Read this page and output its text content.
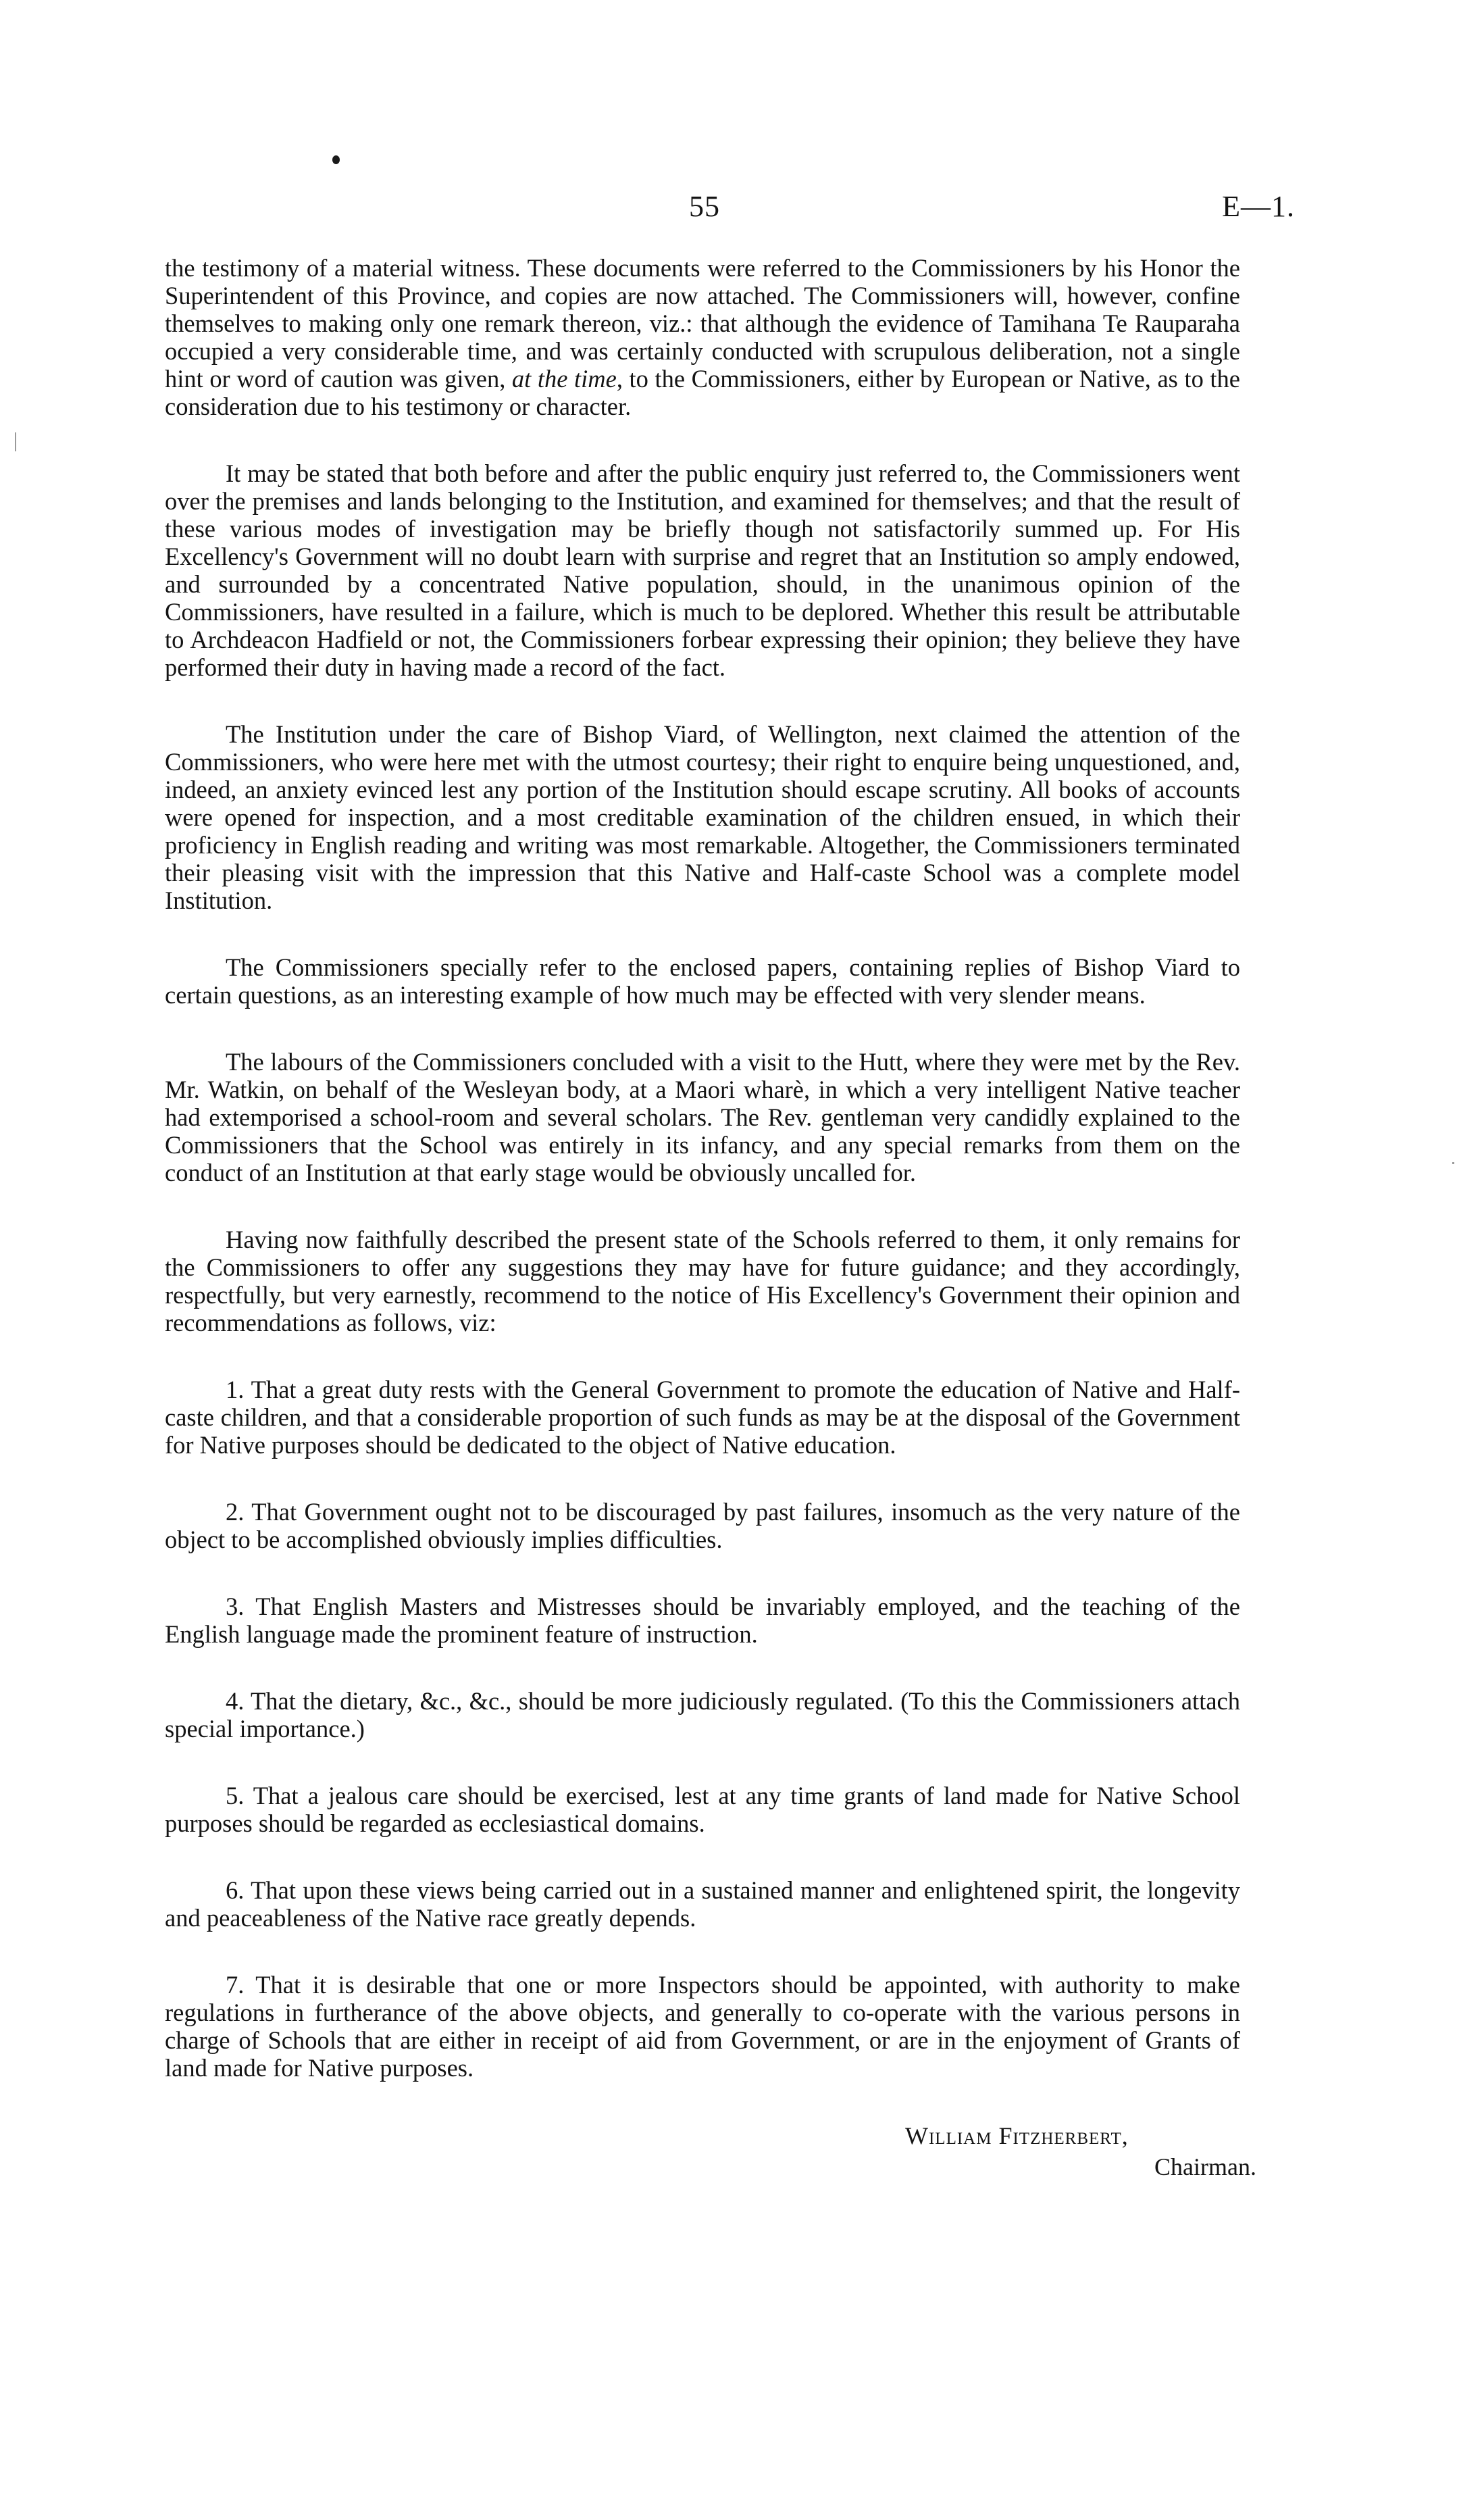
55	E—1.

the testimony of a material witness. These documents were referred to the Commissioners by his Honor the Superintendent of this Province, and copies are now attached. The Commissioners will, however, confine themselves to making only one remark thereon, viz.: that although the evidence of Tamihana Te Rauparaha occupied a very considerable time, and was certainly conducted with scrupulous deliberation, not a single hint or word of caution was given, at the time, to the Commissioners, either by European or Native, as to the consideration due to his testimony or character.

It may be stated that both before and after the public enquiry just referred to, the Commissioners went over the premises and lands belonging to the Institution, and examined for themselves; and that the result of these various modes of investigation may be briefly though not satisfactorily summed up. For His Excellency's Government will no doubt learn with surprise and regret that an Institution so amply endowed, and surrounded by a concentrated Native population, should, in the unanimous opinion of the Commissioners, have resulted in a failure, which is much to be deplored. Whether this result be attributable to Archdeacon Hadfield or not, the Commissioners forbear expressing their opinion; they believe they have performed their duty in having made a record of the fact.

The Institution under the care of Bishop Viard, of Wellington, next claimed the attention of the Commissioners, who were here met with the utmost courtesy; their right to enquire being unquestioned, and, indeed, an anxiety evinced lest any portion of the Institution should escape scrutiny. All books of accounts were opened for inspection, and a most creditable examination of the children ensued, in which their proficiency in English reading and writing was most remarkable. Altogether, the Commissioners terminated their pleasing visit with the impression that this Native and Half-caste School was a complete model Institution.

The Commissioners specially refer to the enclosed papers, containing replies of Bishop Viard to certain questions, as an interesting example of how much may be effected with very slender means.

The labours of the Commissioners concluded with a visit to the Hutt, where they were met by the Rev. Mr. Watkin, on behalf of the Wesleyan body, at a Maori wharè, in which a very intelligent Native teacher had extemporised a school-room and several scholars. The Rev. gentleman very candidly explained to the Commissioners that the School was entirely in its infancy, and any special remarks from them on the conduct of an Institution at that early stage would be obviously uncalled for.

Having now faithfully described the present state of the Schools referred to them, it only remains for the Commissioners to offer any suggestions they may have for future guidance; and they accordingly, respectfully, but very earnestly, recommend to the notice of His Excellency's Government their opinion and recommendations as follows, viz:

1. That a great duty rests with the General Government to promote the education of Native and Half-caste children, and that a considerable proportion of such funds as may be at the disposal of the Government for Native purposes should be dedicated to the object of Native education.

2. That Government ought not to be discouraged by past failures, insomuch as the very nature of the object to be accomplished obviously implies difficulties.

3. That English Masters and Mistresses should be invariably employed, and the teaching of the English language made the prominent feature of instruction.

4. That the dietary, &c., &c., should be more judiciously regulated. (To this the Commissioners attach special importance.)

5. That a jealous care should be exercised, lest at any time grants of land made for Native School purposes should be regarded as ecclesiastical domains.

6. That upon these views being carried out in a sustained manner and enlightened spirit, the longevity and peaceableness of the Native race greatly depends.

7. That it is desirable that one or more Inspectors should be appointed, with authority to make regulations in furtherance of the above objects, and generally to co-operate with the various persons in charge of Schools that are either in receipt of aid from Government, or are in the enjoyment of Grants of land made for Native purposes.

William Fitzherbert,
Chairman.
